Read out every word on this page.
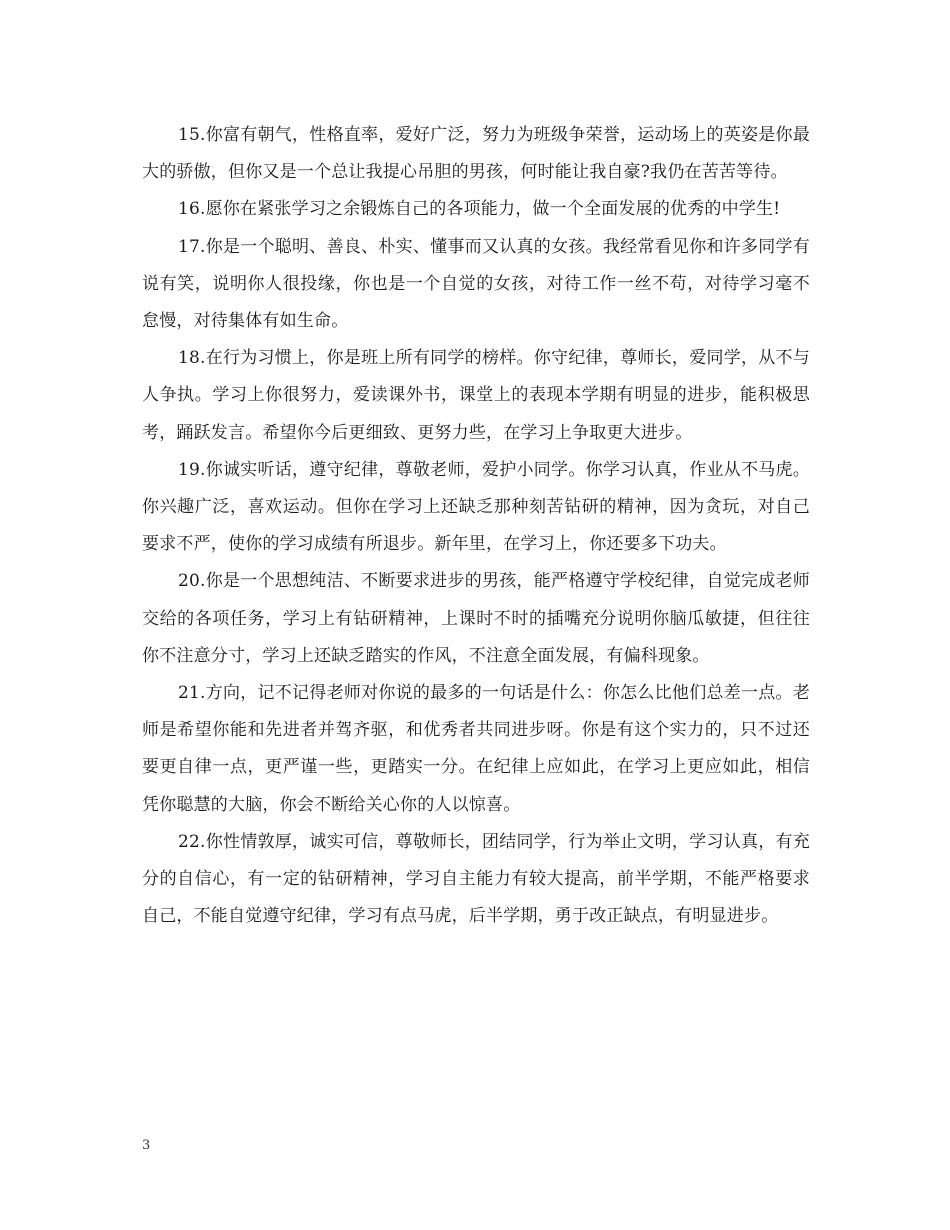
15.你富有朝气，性格直率，爱好广泛，努力为班级争荣誉，运动场上的英姿是你最大的骄傲，但你又是一个总让我提心吊胆的男孩，何时能让我自豪?我仍在苦苦等待。

16.愿你在紧张学习之余锻炼自己的各项能力，做一个全面发展的优秀的中学生!

17.你是一个聪明、善良、朴实、懂事而又认真的女孩。我经常看见你和许多同学有说有笑，说明你人很投缘，你也是一个自觉的女孩，对待工作一丝不苟，对待学习毫不怠慢，对待集体有如生命。

18.在行为习惯上，你是班上所有同学的榜样。你守纪律，尊师长，爱同学，从不与人争执。学习上你很努力，爱读课外书，课堂上的表现本学期有明显的进步，能积极思考，踊跃发言。希望你今后更细致、更努力些，在学习上争取更大进步。

19.你诚实听话，遵守纪律，尊敬老师，爱护小同学。你学习认真，作业从不马虎。你兴趣广泛，喜欢运动。但你在学习上还缺乏那种刻苦钻研的精神，因为贪玩，对自己要求不严，使你的学习成绩有所退步。新年里，在学习上，你还要多下功夫。

20.你是一个思想纯洁、不断要求进步的男孩，能严格遵守学校纪律，自觉完成老师交给的各项任务，学习上有钻研精神，上课时不时的插嘴充分说明你脑瓜敏捷，但往往你不注意分寸，学习上还缺乏踏实的作风，不注意全面发展，有偏科现象。

21.方向，记不记得老师对你说的最多的一句话是什么：你怎么比他们总差一点。老师是希望你能和先进者并驾齐驱，和优秀者共同进步呀。你是有这个实力的，只不过还要更自律一点，更严谨一些，更踏实一分。在纪律上应如此，在学习上更应如此，相信凭你聪慧的大脑，你会不断给关心你的人以惊喜。

22.你性情敦厚，诚实可信，尊敬师长，团结同学，行为举止文明，学习认真，有充分的自信心，有一定的钻研精神，学习自主能力有较大提高，前半学期，不能严格要求自己，不能自觉遵守纪律，学习有点马虎，后半学期，勇于改正缺点，有明显进步。

3
